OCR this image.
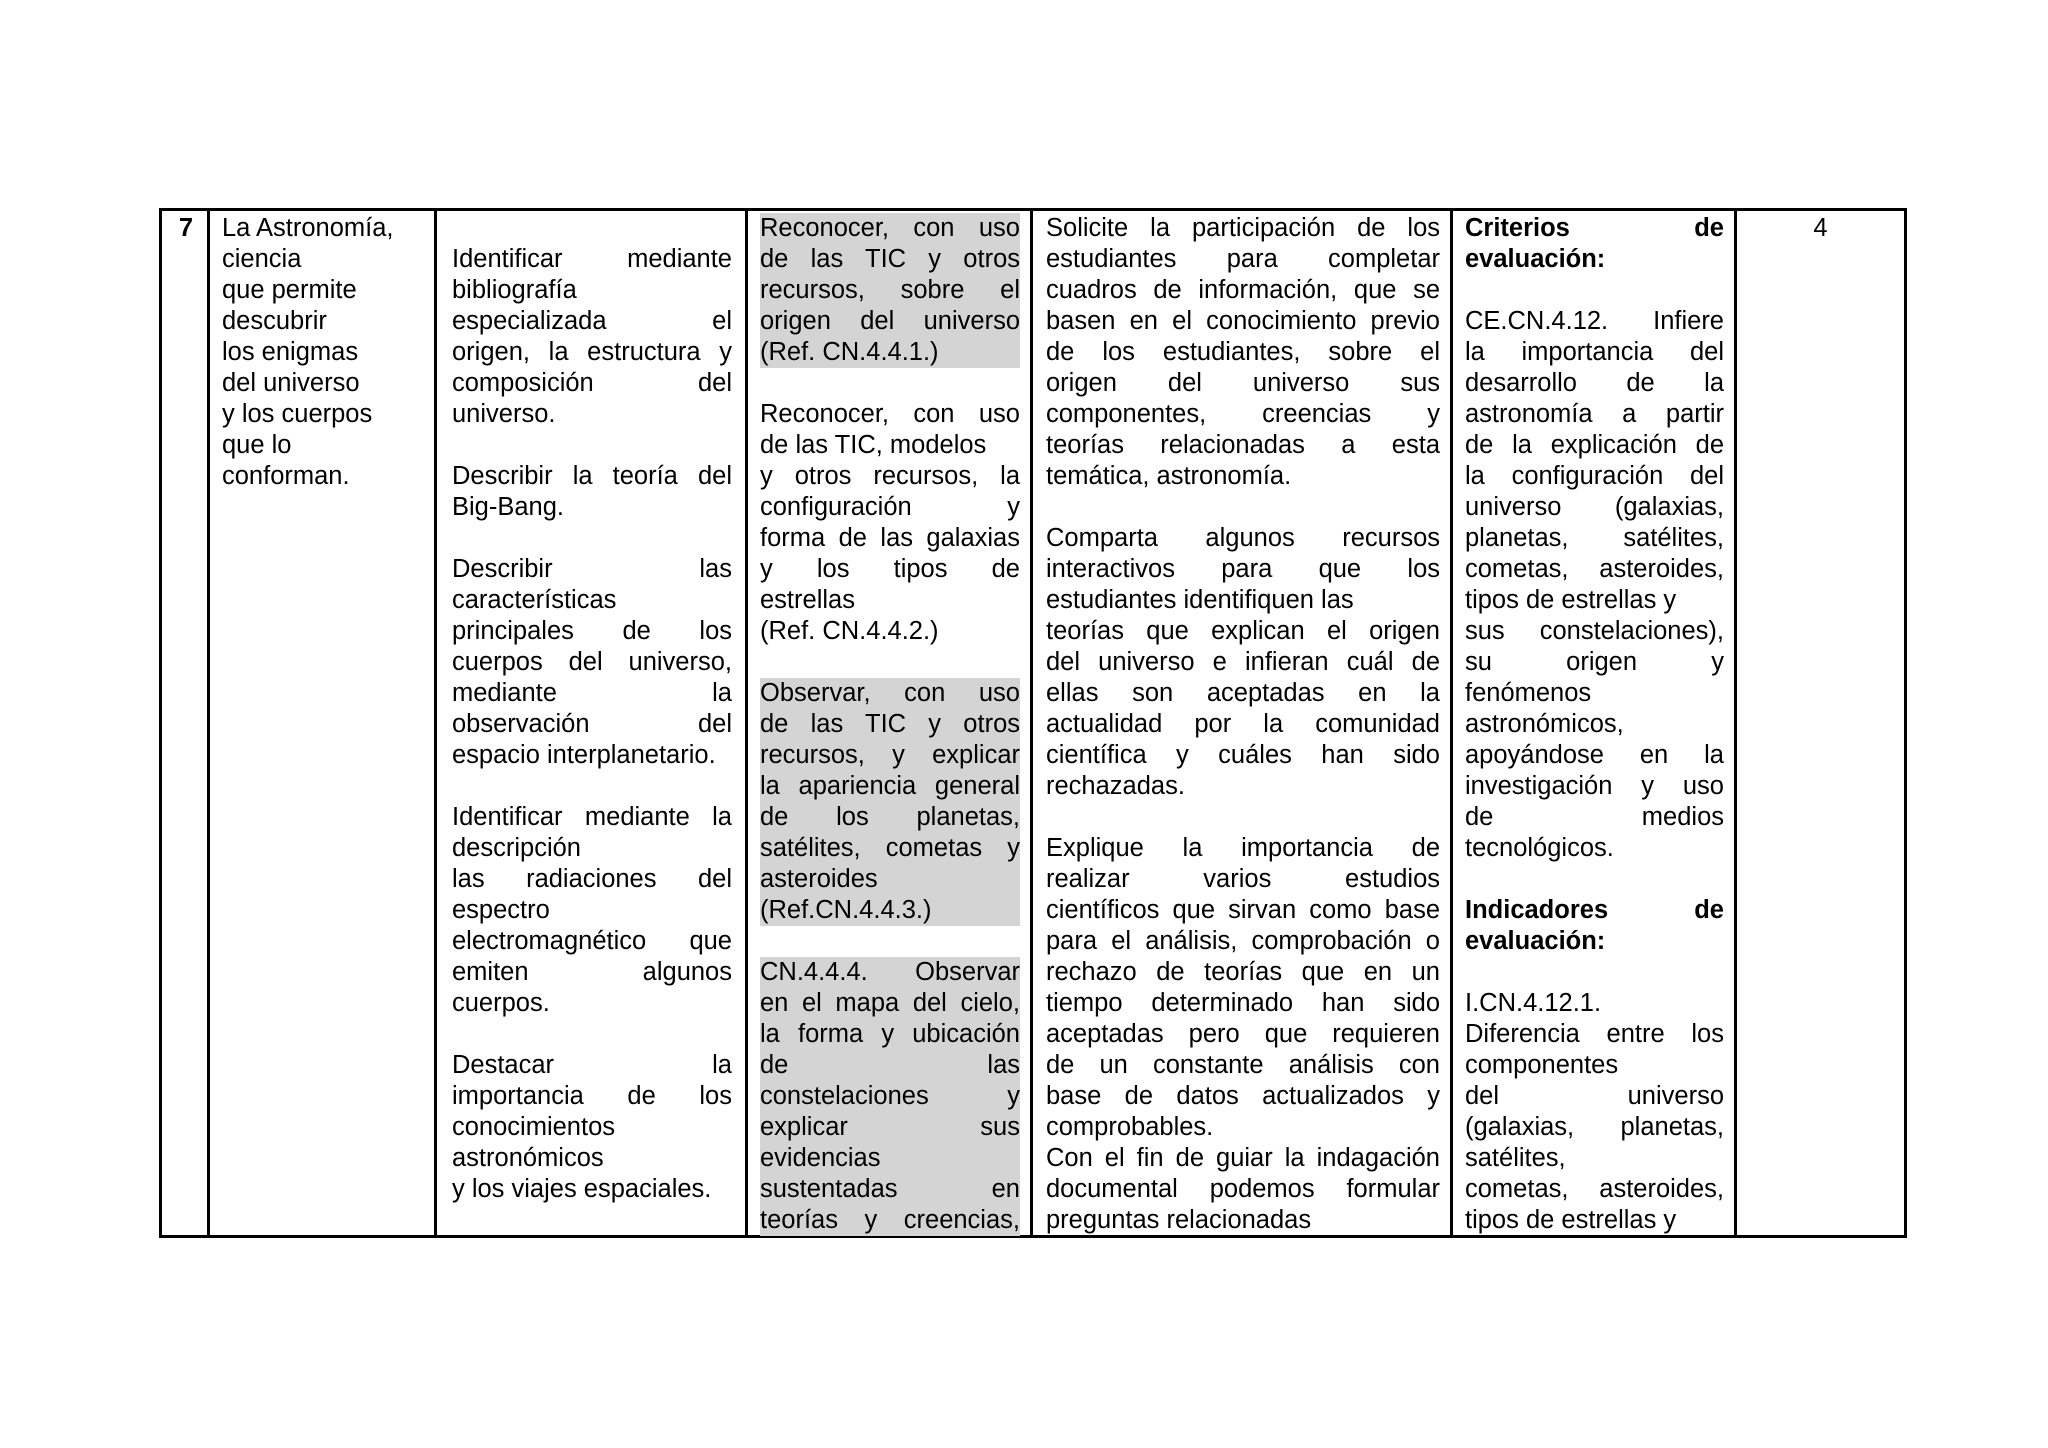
7	La Astronomía,
ciencia
que permite
descubrir
los enigmas
del universo
y los cuerpos
que lo
conforman.
Identificar mediante
bibliografía
especializada el
origen, la estructura y
composición del
universo.
Describir la teoría del
Big-Bang.
Describir las
características
principales de los
cuerpos del universo,
mediante la
observación del
espacio interplanetario.
Identificar mediante la
descripción
las radiaciones del
espectro
electromagnético que
emiten algunos
cuerpos.
Destacar la
importancia de los
conocimientos
astronómicos
y los viajes espaciales.
Reconocer, con uso
de las TIC y otros
recursos, sobre el
origen del universo
(Ref. CN.4.4.1.)
Reconocer, con uso
de las TIC, modelos
y otros recursos, la
configuración y
forma de las galaxias
y los tipos de
estrellas
(Ref. CN.4.4.2.)
Observar, con uso
de las TIC y otros
recursos, y explicar
la apariencia general
de los planetas,
satélites, cometas y
asteroides
(Ref.CN.4.4.3.)
CN.4.4.4. Observar
en el mapa del cielo,
la forma y ubicación
de las
constelaciones y
explicar sus
evidencias
sustentadas en
teorías y creencias,
Solicite la participación de los
estudiantes para completar
cuadros de información, que se
basen en el conocimiento previo
de los estudiantes, sobre el
origen del universo sus
componentes, creencias y
teorías relacionadas a esta
temática, astronomía.
Comparta algunos recursos
interactivos para que los
estudiantes identifiquen las
teorías que explican el origen
del universo e infieran cuál de
ellas son aceptadas en la
actualidad por la comunidad
científica y cuáles han sido
rechazadas.
Explique la importancia de
realizar varios estudios
científicos que sirvan como base
para el análisis, comprobación o
rechazo de teorías que en un
tiempo determinado han sido
aceptadas pero que requieren
de un constante análisis con
base de datos actualizados y
comprobables.
Con el fin de guiar la indagación
documental podemos formular
preguntas relacionadas
Criterios de
evaluación:
CE.CN.4.12. Infiere
la importancia del
desarrollo de la
astronomía a partir
de la explicación de
la configuración del
universo (galaxias,
planetas, satélites,
cometas, asteroides,
tipos de estrellas y
sus constelaciones),
su origen y
fenómenos
astronómicos,
apoyándose en la
investigación y uso
de medios
tecnológicos.
Indicadores de
evaluación:
I.CN.4.12.1.
Diferencia entre los
componentes
del universo
(galaxias, planetas,
satélites,
cometas, asteroides,
tipos de estrellas y
4
